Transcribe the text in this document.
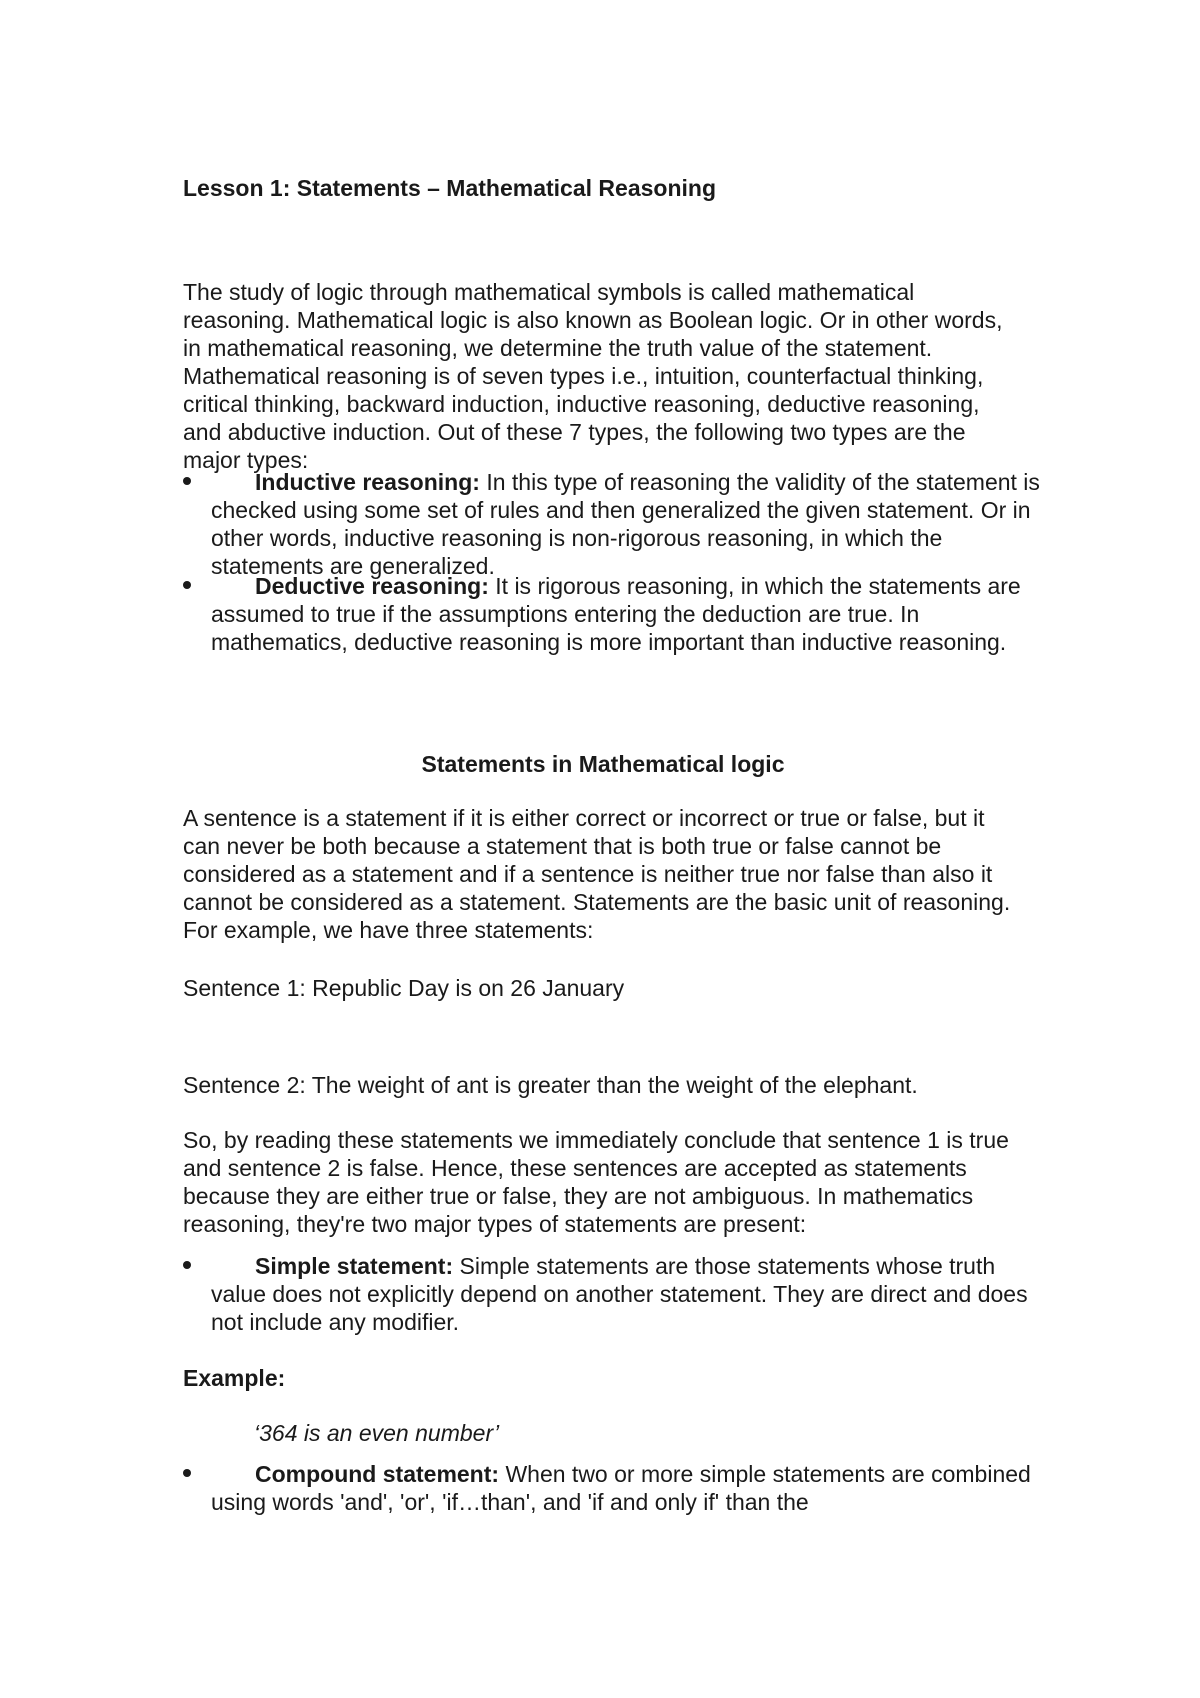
Lesson 1: Statements – Mathematical Reasoning

The study of logic through mathematical symbols is called mathematical reasoning. Mathematical logic is also known as Boolean logic. Or in other words, in mathematical reasoning, we determine the truth value of the statement. Mathematical reasoning is of seven types i.e., intuition, counterfactual thinking, critical thinking, backward induction, inductive reasoning, deductive reasoning, and abductive induction. Out of these 7 types, the following two types are the major types:

Inductive reasoning: In this type of reasoning the validity of the statement is checked using some set of rules and then generalized the given statement. Or in other words, inductive reasoning is non-rigorous reasoning, in which the statements are generalized.
Deductive reasoning: It is rigorous reasoning, in which the statements are assumed to true if the assumptions entering the deduction are true. In mathematics, deductive reasoning is more important than inductive reasoning.

Statements in Mathematical logic

A sentence is a statement if it is either correct or incorrect or true or false, but it can never be both because a statement that is both true or false cannot be considered as a statement and if a sentence is neither true nor false than also it cannot be considered as a statement. Statements are the basic unit of reasoning. For example, we have three statements:

Sentence 1: Republic Day is on 26 January

Sentence 2: The weight of ant is greater than the weight of the elephant.

So, by reading these statements we immediately conclude that sentence 1 is true and sentence 2 is false. Hence, these sentences are accepted as statements because they are either true or false, they are not ambiguous. In mathematics reasoning, they're two major types of statements are present:

Simple statement: Simple statements are those statements whose truth value does not explicitly depend on another statement. They are direct and does not include any modifier.

Example:

‘364 is an even number’

Compound statement: When two or more simple statements are combined using words 'and', 'or', 'if…than', and 'if and only if' than the
